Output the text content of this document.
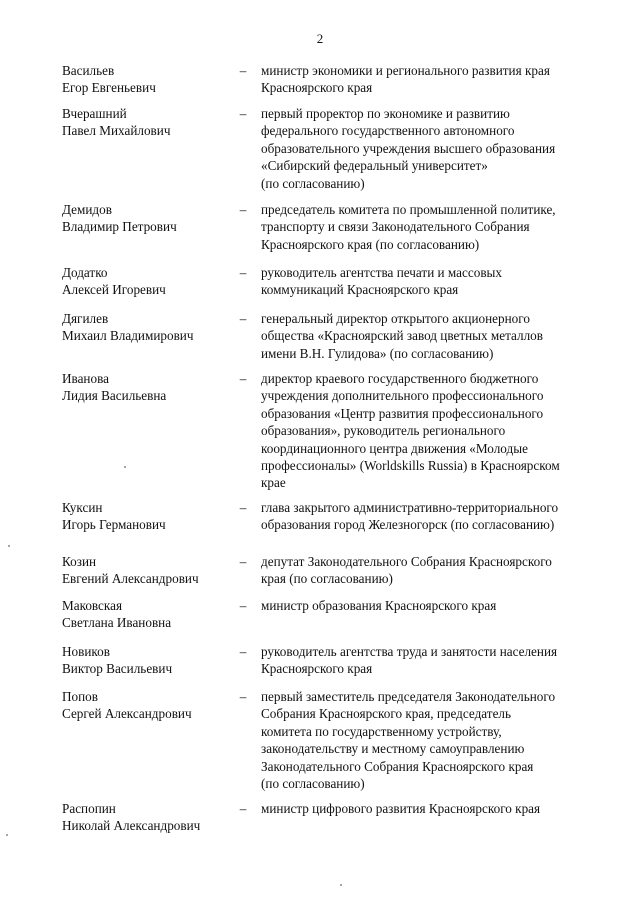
2
Васильев
Егор Евгеньевич
– министр экономики и регионального развития края
Красноярского края
Вчерашний
Павел Михайлович
– первый проректор по экономике и развитию
федерального государственного автономного
образовательного учреждения высшего образования
«Сибирский федеральный университет»
(по согласованию)
Демидов
Владимир Петрович
– председатель комитета по промышленной политике,
транспорту и связи Законодательного Собрания
Красноярского края (по согласованию)
Додатко
Алексей Игоревич
– руководитель агентства печати и массовых
коммуникаций Красноярского края
Дягилев
Михаил Владимирович
– генеральный директор открытого акционерного
общества «Красноярский завод цветных металлов
имени В.Н. Гулидова» (по согласованию)
Иванова
Лидия Васильевна
– директор краевого государственного бюджетного
учреждения дополнительного профессионального
образования «Центр развития профессионального
образования», руководитель регионального
координационного центра движения «Молодые
профессионалы» (Worldskills Russia) в Красноярском
крае
Куксин
Игорь Германович
– глава закрытого административно-территориального
образования город Железногорск (по согласованию)
Козин
Евгений Александрович
– депутат Законодательного Собрания Красноярского
края (по согласованию)
Маковская
Светлана Ивановна
– министр образования Красноярского края
Новиков
Виктор Васильевич
– руководитель агентства труда и занятости населения
Красноярского края
Попов
Сергей Александрович
– первый заместитель председателя Законодательного
Собрания Красноярского края, председатель
комитета по государственному устройству,
законодательству и местному самоуправлению
Законодательного Собрания Красноярского края
(по согласованию)
Распопин
Николай Александрович
– министр цифрового развития Красноярского края
